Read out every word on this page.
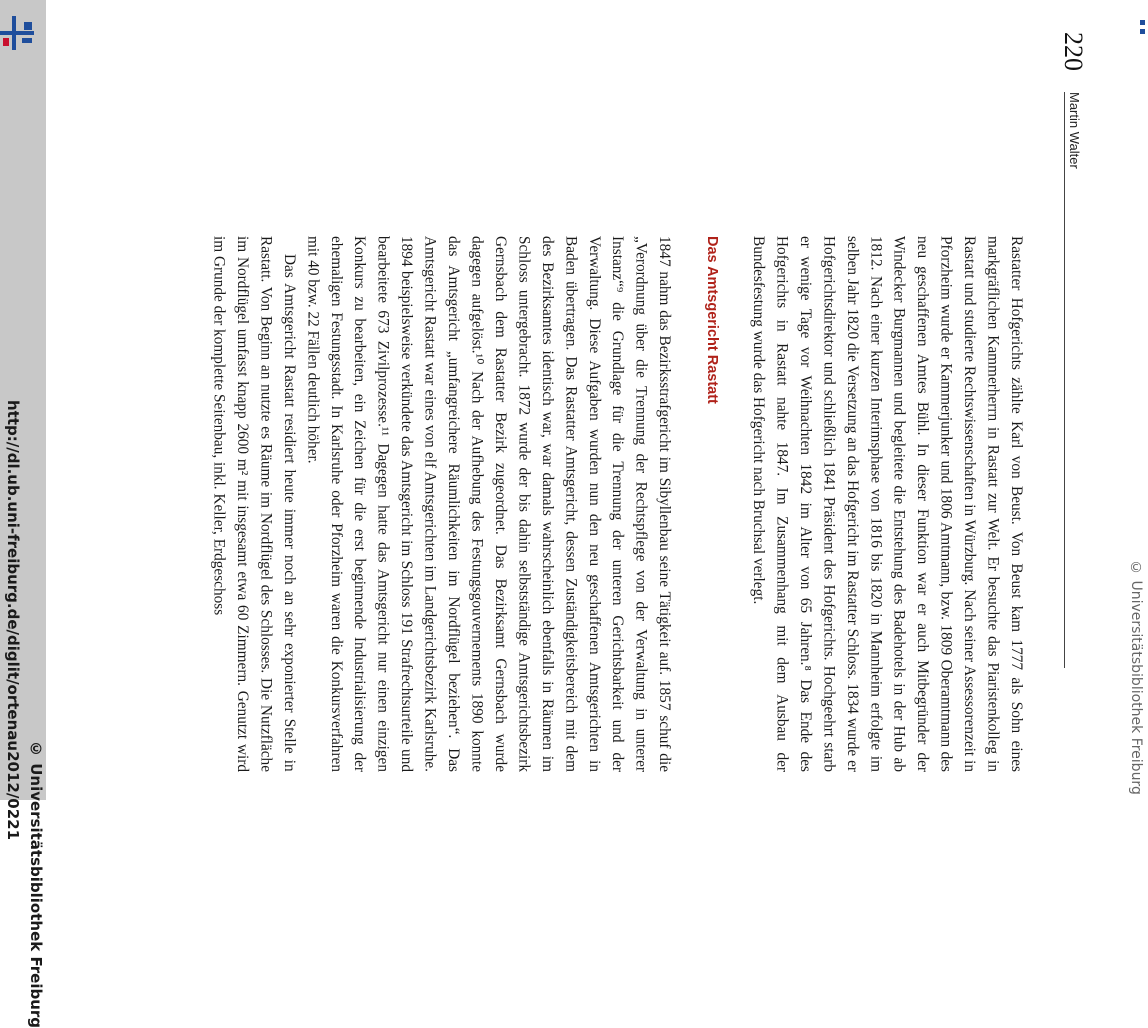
http://dl.ub.uni-freiburg.de/diglit/ortenau2012/0221
© Universitätsbibliothek Freiburg
© Universitätsbibliothek Freiburg
220
Martin Walter

Rastatter Hofgerichts zählte Karl von Beust. Von Beust kam 1777 als Sohn eines markgräflichen Kammerherrn in Rastatt zur Welt. Er besuchte das Piaristenkolleg in Rastatt und studierte Rechtswissenschaften in Würzburg. Nach seiner Assessorenzeit in Pforzheim wurde er Kammerjunker und 1806 Amtmann, bzw. 1809 Oberamtmann des neu geschaffenen Amtes Bühl. In dieser Funktion war er auch Mitbegründer der Windecker Burgmannen und begleitete die Entstehung des Badehotels in der Hub ab 1812. Nach einer kurzen Interimsphase von 1816 bis 1820 in Mannheim erfolgte im selben Jahr 1820 die Versetzung an das Hofgericht im Rastatter Schloss. 1834 wurde er Hofgerichtsdirektor und schließlich 1841 Präsident des Hofgerichts. Hochgeehrt starb er wenige Tage vor Weihnachten 1842 im Alter von 65 Jahren.⁸ Das Ende des Hofgerichts in Rastatt nahte 1847. Im Zusammenhang mit dem Ausbau der Bundesfestung wurde das Hofgericht nach Bruchsal verlegt.

Das Amtsgericht Rastatt

1847 nahm das Bezirksstrafgericht im Sibyllenbau seine Tätigkeit auf. 1857 schuf die „Verordnung über die Trennung der Rechtspflege von der Verwaltung in unterer Instanz“⁹ die Grundlage für die Trennung der unteren Gerichtsbarkeit und der Verwaltung. Diese Aufgaben wurden nun den neu geschaffenen Amtsgerichten in Baden übertragen. Das Rastatter Amtsgericht, dessen Zuständigkeitsbereich mit dem des Bezirksamtes identisch war, war damals wahrscheinlich ebenfalls in Räumen im Schloss untergebracht. 1872 wurde der bis dahin selbstständige Amtsgerichtsbezirk Gernsbach dem Rastatter Bezirk zugeordnet. Das Bezirksamt Gernsbach wurde dagegen aufgelöst.¹⁰ Nach der Aufhebung des Festungsgouvernements 1890 konnte das Amtsgericht „umfangreichere Räumlichkeiten im Nordflügel beziehen“. Das Amtsgericht Rastatt war eines von elf Amtsgerichten im Landgerichtsbezirk Karlsruhe. 1894 beispielsweise verkündete das Amtsgericht im Schloss 191 Strafrechtsurteile und bearbeitete 673 Zivilprozesse.¹¹ Dagegen hatte das Amtsgericht nur einen einzigen Konkurs zu bearbeiten, ein Zeichen für die erst beginnende Industrialisierung der ehemaligen Festungsstadt. In Karlsruhe oder Pforzheim waren die Konkursverfahren mit 40 bzw. 22 Fällen deutlich höher.

Das Amtsgericht Rastatt residiert heute immer noch an sehr exponierter Stelle in Rastatt. Von Beginn an nutzte es Räume im Nordflügel des Schlosses. Die Nutzfläche im Nordflügel umfasst knapp 2600 m² mit insgesamt etwa 60 Zimmern. Genutzt wird im Grunde der komplette Seitenbau, inkl. Keller, Erdgeschoss
